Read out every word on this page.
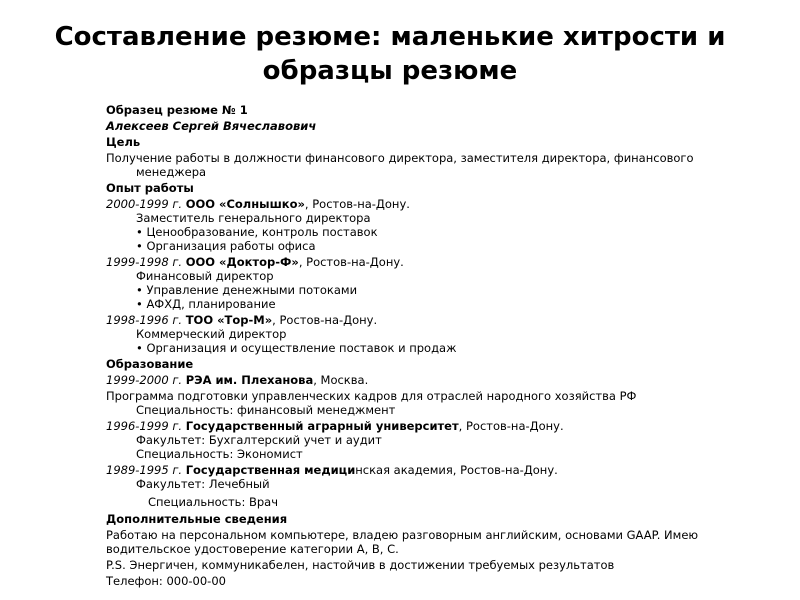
Составление резюме: маленькие хитрости и образцы резюме

Образец резюме № 1

Алексеев Сергей Вячеславович

Цель

Получение работы в должности финансового директора, заместителя директора, финансового менеджера

Опыт работы

2000-1999 г. ООО «Солнышко», Ростов-на-Дону.
Заместитель генерального директора
• Ценообразование, контроль поставок
• Организация работы офиса
1999-1998 г. ООО «Доктор-Ф», Ростов-на-Дону.
Финансовый директор
• Управление денежными потоками
• АФХД, планирование
1998-1996 г. ТОО «Тор-М», Ростов-на-Дону.
Коммерческий директор
• Организация и осуществление поставок и продаж

Образование

1999-2000 г. РЭА им. Плеханова, Москва.
Программа подготовки управленческих кадров для отраслей народного хозяйства РФ
Специальность: финансовый менеджмент
1996-1999 г. Государственный аграрный университет, Ростов-на-Дону.
Факультет: Бухгалтерский учет и аудит
Специальность: Экономист
1989-1995 г. Государственная медицинская академия, Ростов-на-Дону.
Факультет: Лечебный
Специальность: Врач

Дополнительные сведения

Работаю на персональном компьютере, владею разговорным английским, основами GAAP. Имею водительское удостоверение категории А, В, С.

P.S. Энергичен, коммуникабелен, настойчив в достижении требуемых результатов

Телефон: 000-00-00
